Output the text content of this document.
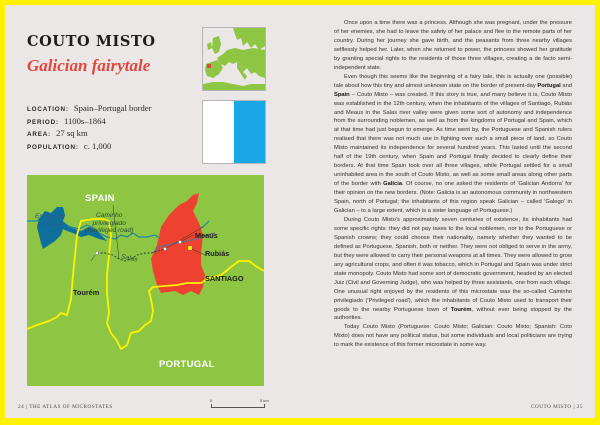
COUTO MISTO
Galician fairytale
LOCATION: Spain–Portugal border
PERIOD: 1100s–1864
AREA: 27 sq km
POPULATION: c. 1,000
SPAIN
PORTUGAL
Encoro do
rio Salas
Caminho
privilegiado
(Privileged road)
Salas
Meaus
Rubiás
SANTIAGO
Tourém
24 | THE ATLAS OF MICROSTATES
0	5 km

Once upon a time there was a princess. Although she was pregnant, under the pressure of her enemies, she had to leave the safety of her palace and flee to the remote parts of her country. During her journey she gave birth, and the peasants from three nearby villages selflessly helped her. Later, when she returned to power, the princess showed her gratitude by granting special rights to the residents of those three villages, creating a de facto semi-independent state.

Even though this seems like the beginning of a fairy tale, this is actually one (possible) tale about how this tiny and almost unknown state on the border of present-day Portugal and Spain – Couto Misto – was created. If this story is true, and many believe it is, Couto Misto was established in the 12th century, when the inhabitants of the villages of Santiago, Rubiás and Meaus in the Salas river valley were given some sort of autonomy and independence from the surrounding noblemen, as well as from the kingdoms of Portugal and Spain, which at that time had just begun to emerge. As time went by, the Portuguese and Spanish rulers realised that there was not much use in fighting over such a small piece of land, so Couto Misto maintained its independence for several hundred years. This lasted until the second half of the 19th century, when Spain and Portugal finally decided to clearly define their borders. At that time Spain took over all three villages, while Portugal settled for a small uninhabited area in the south of Couto Misto, as well as some small areas along other parts of the border with Galicia. Of course, no one asked the residents of 'Galician Andorra' for their opinion on the new borders. (Note: Galicia is an autonomous community in northwestern Spain, north of Portugal; the inhabitants of this region speak Galician – called 'Galego' in Galician – to a large extent, which is a sister language of Portuguese.)

During Couto Misto's approximately seven centuries of existence, its inhabitants had some specific rights: they did not pay taxes to the local noblemen, nor to the Portuguese or Spanish crowns; they could choose their nationality, namely whether they wanted to be defined as Portuguese, Spanish, both or neither. They were not obliged to serve in the army, but they were allowed to carry their personal weapons at all times. They were allowed to grow any agricultural crops, and often it was tobacco, which in Portugal and Spain was under strict state monopoly. Couto Misto had some sort of democratic government, headed by an elected Juiz (Civil and Governing Judge), who was helped by three assistants, one from each village. One unusual right enjoyed by the residents of this microstate was the so-called Caminho privilegiado ('Privileged road'), which the inhabitants of Couto Misto used to transport their goods to the nearby Portuguese town of Tourém, without ever being stopped by the authorities.

Today Couto Misto (Portuguese: Couto Misto; Galician: Couto Mixto; Spanish: Coto Mixto) does not have any political status, but some individuals and local politicians are trying to mark the existence of this former microstate in some way.

COUTO MISTO | 25
